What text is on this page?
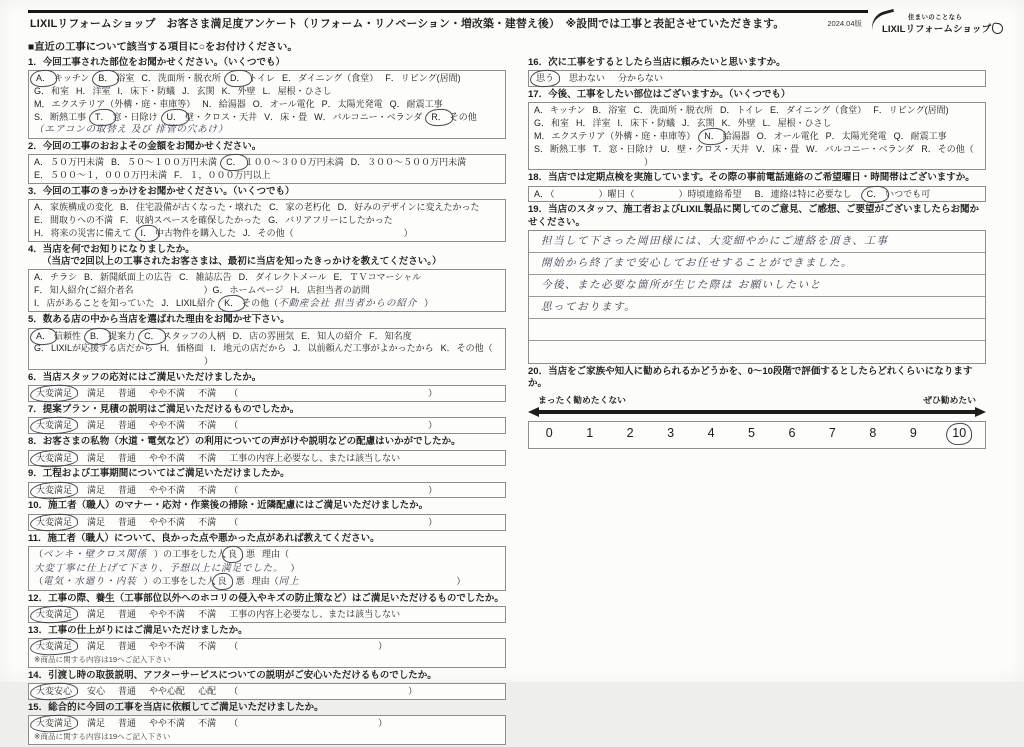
LIXILリフォームショップ　お客さま満足度アンケート（リフォーム・リノベーション・増改築・建替え後）　※設問では工事と表記させていただきます。	2024.04版
住まいのことなら
LIXILリフォームショップ
■直近の工事について該当する項目に○をお付けください。
1．今回工事された部位をお聞かせください。（いくつでも）
A． キッチン B． 浴室 C．洗面所・脱衣所 D． トイレ E．ダイニング（食堂） F．リビング(居間)G．和室 H．洋室 I．床下・防蟻 J．玄関 K．外壁 L．屋根・ひさしM．エクステリア（外構・庭・車庫等） N．給湯器 O．オール電化 P．太陽光発電 Q．耐震工事S．断熱工事 T． 窓・日除け U． 壁・クロス・天井 V．床・畳 W．バルコニー・ベランダ R． その他（エアコンの取替え 及び 排管の穴あけ）
2．今回の工事のおおよその金額をお聞かせください。
A．５０万円未満 B．５０～１００万円未満 C． １００～３００万円未満 D．３００～５００万円未満E．５００～１，０００万円未満 F．１，０００万円以上
3．今回の工事のきっかけをお聞かせください。（いくつでも）
A．家族構成の変化 B．住宅設備が古くなった・壊れた C．家の老朽化 D．好みのデザインに変えたかったE．間取りへの不満 F．収納スペースを確保したかった G．バリアフリーにしたかったH．将来の災害に備えて I． 中古物件を購入した J．その他（	）
4．当店を何でお知りになりましたか。
（当店で2回以上の工事されたお客さまは、最初に当店を知ったきっかけを教えてください。）
A．チラシ B．新聞紙面上の広告 C．雑誌広告 D．ダイレクトメール E．ＴＶコマーシャルF．知人紹介(ご紹介者名	）G．ホームページ H．店担当者の訪問I．店があることを知っていた J．LIXIL紹介 K． その他（不動産会社 担当者からの紹介 ）
5．数ある店の中から当店を選ばれた理由をお聞かせ下さい。
A． 信頼性 B． 提案力 C． スタッフの人柄 D．店の雰囲気 E．知人の紹介 F．知名度G．LIXILが応援する店だから H．価格面 I．地元の店だから J．以前頼んだ工事がよかったから K．その他（）
6．当店スタッフの応対にはご満足いただけましたか。
大変満足 満足 普通 やや不満 不満 （	）
7．提案プラン・見積の説明はご満足いただけるものでしたか。
大変満足 満足 普通 やや不満 不満 （	）
8．お客さまの私物（水道・電気など）の利用についての声がけや説明などの配慮はいかがでしたか。
大変満足 満足 普通 やや不満 不満 工事の内容上必要なし、または該当しない
9．工程および工事期間についてはご満足いただけましたか。
大変満足 満足 普通 やや不満 不満 （	）
10．施工者（職人）のマナー・応対・作業後の掃除・近隣配慮にはご満足いただけましたか。
大変満足 満足 普通 やや不満 不満 （	）
11．施工者（職人）について、良かった点や悪かった点があれば教えてください。
（ペンキ・壁クロス関係 ）の工事をした人 良 悪 理由（大変丁寧に仕上げて下さり、予想以上に満足でした。 ）
（電気・水廻り・内装 ）の工事をした人 良 悪 理由（同上	）
12．工事の際、養生（工事部位以外へのホコリの侵入やキズの防止策など）はご満足いただけるものでしたか。
大変満足 満足 普通 やや不満 不満 工事の内容上必要なし、または該当しない
13．工事の仕上がりにはご満足いただけましたか。
大変満足 満足 普通 やや不満 不満 （	）※商品に関する内容は19へご記入下さい
14．引渡し時の取扱説明、アフターサービスについての説明がご安心いただけるものでしたか。
大変安心 安心 普通 やや心配 心配 （	）
15．総合的に今回の工事を当店に依頼してご満足いただけましたか。
大変満足 満足 普通 やや不満 不満 （	）※商品に関する内容は19へご記入下さい
16．次に工事をするとしたら当店に頼みたいと思いますか。
思う 思わない 分からない
17．今後、工事をしたい部位はございますか。（いくつでも）
A．キッチン B．浴室 C．洗面所・脱衣所 D．トイレ E．ダイニング（食堂） F．リビング(居間)G．和室 H．洋室 I．床下・防蟻 J．玄関 K．外壁 L．屋根・ひさしM．エクステリア（外構・庭・車庫等） N． 給湯器 O．オール電化 P．太陽光発電 Q．耐震工事S．断熱工事 T．窓・日除け U．壁・クロス・天井 V．床・畳 W．バルコニー・ベランダ R．その他（）
18．当店では定期点検を実施しています。その際の事前電話連絡のご希望曜日・時間帯はございますか。
A．（	）曜日（	）時頃連絡希望 B．連絡は特に必要なし C． いつでも可
19．当店のスタッフ、施工者およびLIXIL製品に関してのご意見、ご感想、ご要望がございましたらお聞かせください。
担当して下さった岡田様には、大変細やかにご連絡を頂き、工事
開始から終了まで安心してお任せすることができました。
今後、また必要な箇所が生じた際は お願いしたいと
思っております。
20．当店をご家族や知人に勧められるかどうかを、0～10段階で評価するとしたらどれくらいになりますか。
まったく勧めたくない	ぜひ勧めたい
0	1	2	3	4	5	6	7	8	9	10
